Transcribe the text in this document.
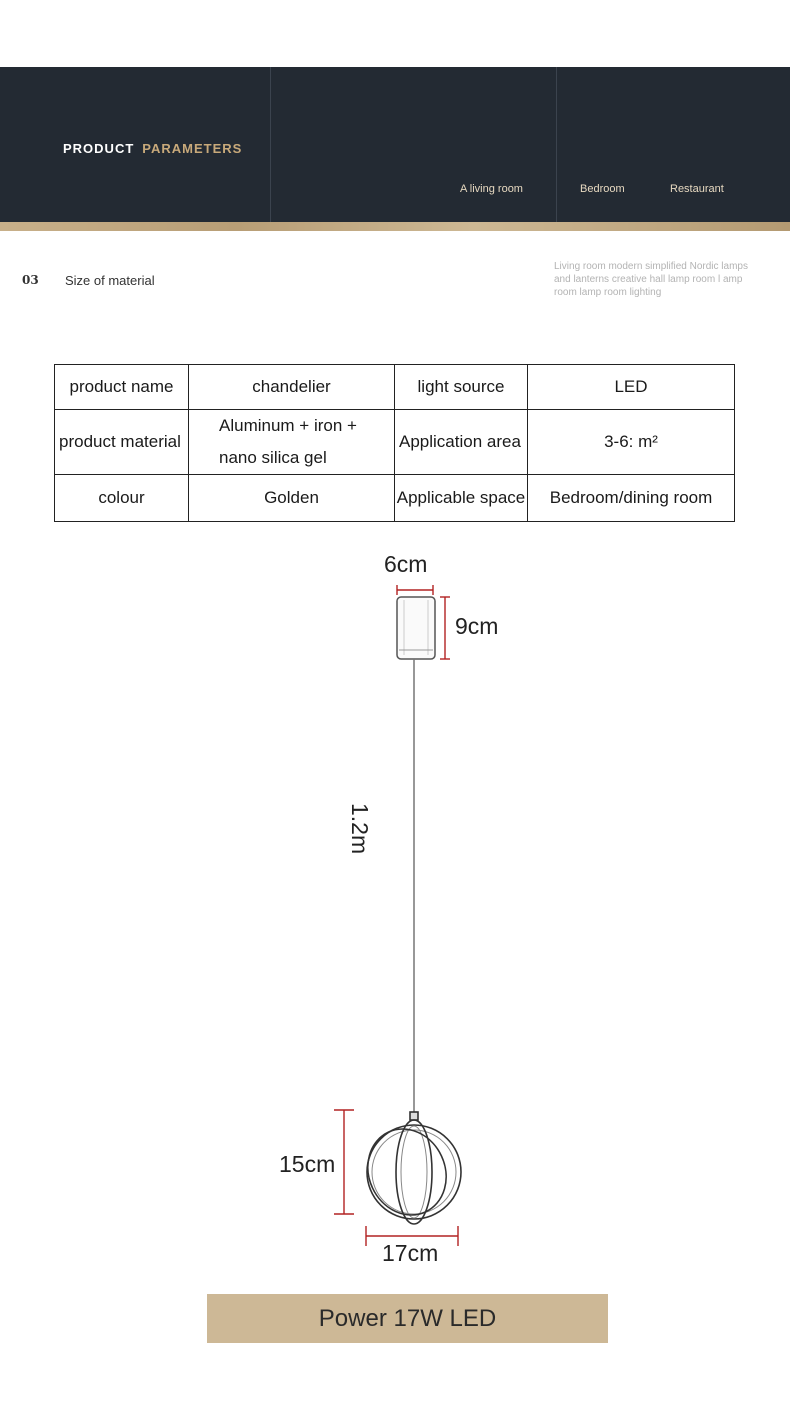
PRODUCT PARAMETERS
A living room	Bedroom	Restaurant
03 Size of material
Living room modern simplified Nordic lamps and lanterns creative hall lamp room l amp room lamp room lighting
product name	chandelier	light source	LED
product material	Aluminum + iron + nano silica gel	Application area	3-6: m²
colour	Golden	Applicable space	Bedroom/dining room
6cm
9cm
1.2m
15cm
17cm
Power 17W LED
